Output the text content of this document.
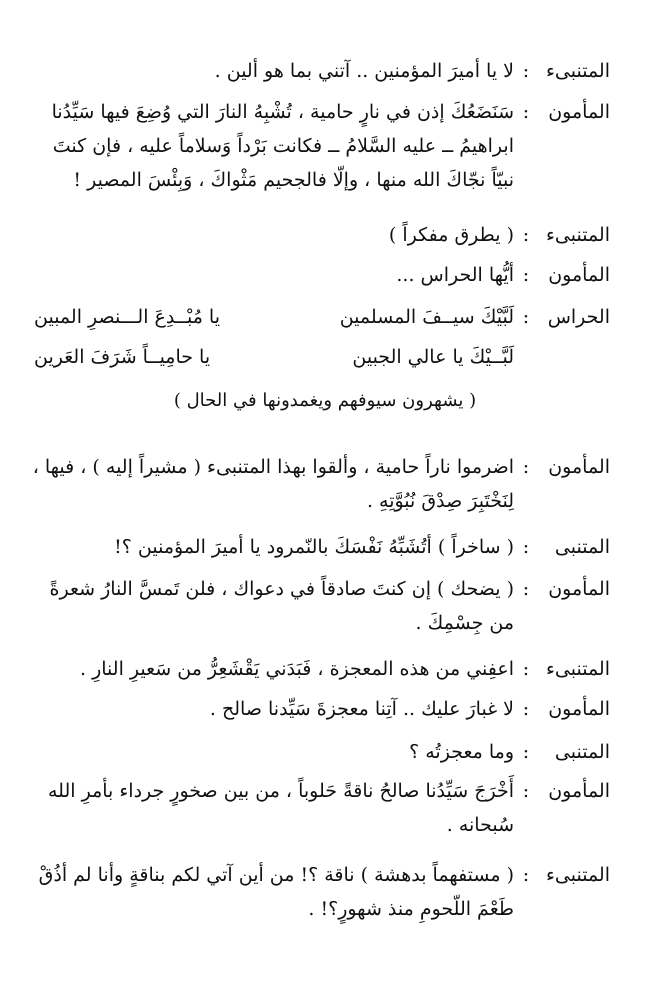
المتنبىء
:
لا يا أميرَ المؤمنين .. آتني بما هو ألين .
المأمون
:
سَنَضَعُكَ إذن في نارٍ حامية ، تُشْبِهُ النارَ التي وُضِعَ فيها سَيِّدُنا
ابراهيمُ ــ عليه السَّلامُ ــ فكانت بَرْداً وَسلاماً عليه ، فإن كنتَ
نبيّاً نجّاكَ الله منها ، وإلّا فالجحيم مَثْواكَ ، وَبِئْسَ المصير !
المتنبىء
:
( يطرق مفكراً )
المأمون
:
أيُّها الحراس ...
الحراس
:
لَبَّيْكَ سيــفَ المسلمين
يا مُبْــدِعَ الـــنصرِ المبين
لَبَّــيْكَ يا عالي الجبين
يا حامِيــاً شَرَفَ العَرين
( يشهرون سيوفهم ويغمدونها في الحال )
المأمون
:
اضرموا ناراً حامية ، وألقوا بهذا المتنبىء ( مشيراً إليه ) ، فيها ،
لِنَخْتَبِرَ صِدْقَ نُبُوَّتِهِ .
المتنبى
:
( ساخراً ) أتُشَبِّهُ نَفْسَكَ بالنّمرود يا أميرَ المؤمنين ؟!
المأمون
:
( يضحك ) إن كنتَ صادقاً في دعواك ، فلن تَمسَّ النارُ شعرةً
من جِسْمِكَ .
المتنبىء
:
اعفِني من هذه المعجزة ، فَبَدَني يَقْشَعِرُّ من سَعيرِ النارِ .
المأمون
:
لا غبارَ عليك .. آتِنا معجزةَ سَيِّدنا صالح .
المتنبى
:
وما معجزتُه ؟
المأمون
:
أَخْرَجَ سَيِّدُنا صالحُ ناقةً حَلوباً ، من بين صخورٍ جرداء بأمرِ الله
سُبحانه .
المتنبىء
:
( مستفهماً بدهشة ) ناقة ؟! من أين آتي لكم بناقةٍ وأنا لم أذُقْ
طَعْمَ اللّحومِ منذ شهورٍ؟! .
